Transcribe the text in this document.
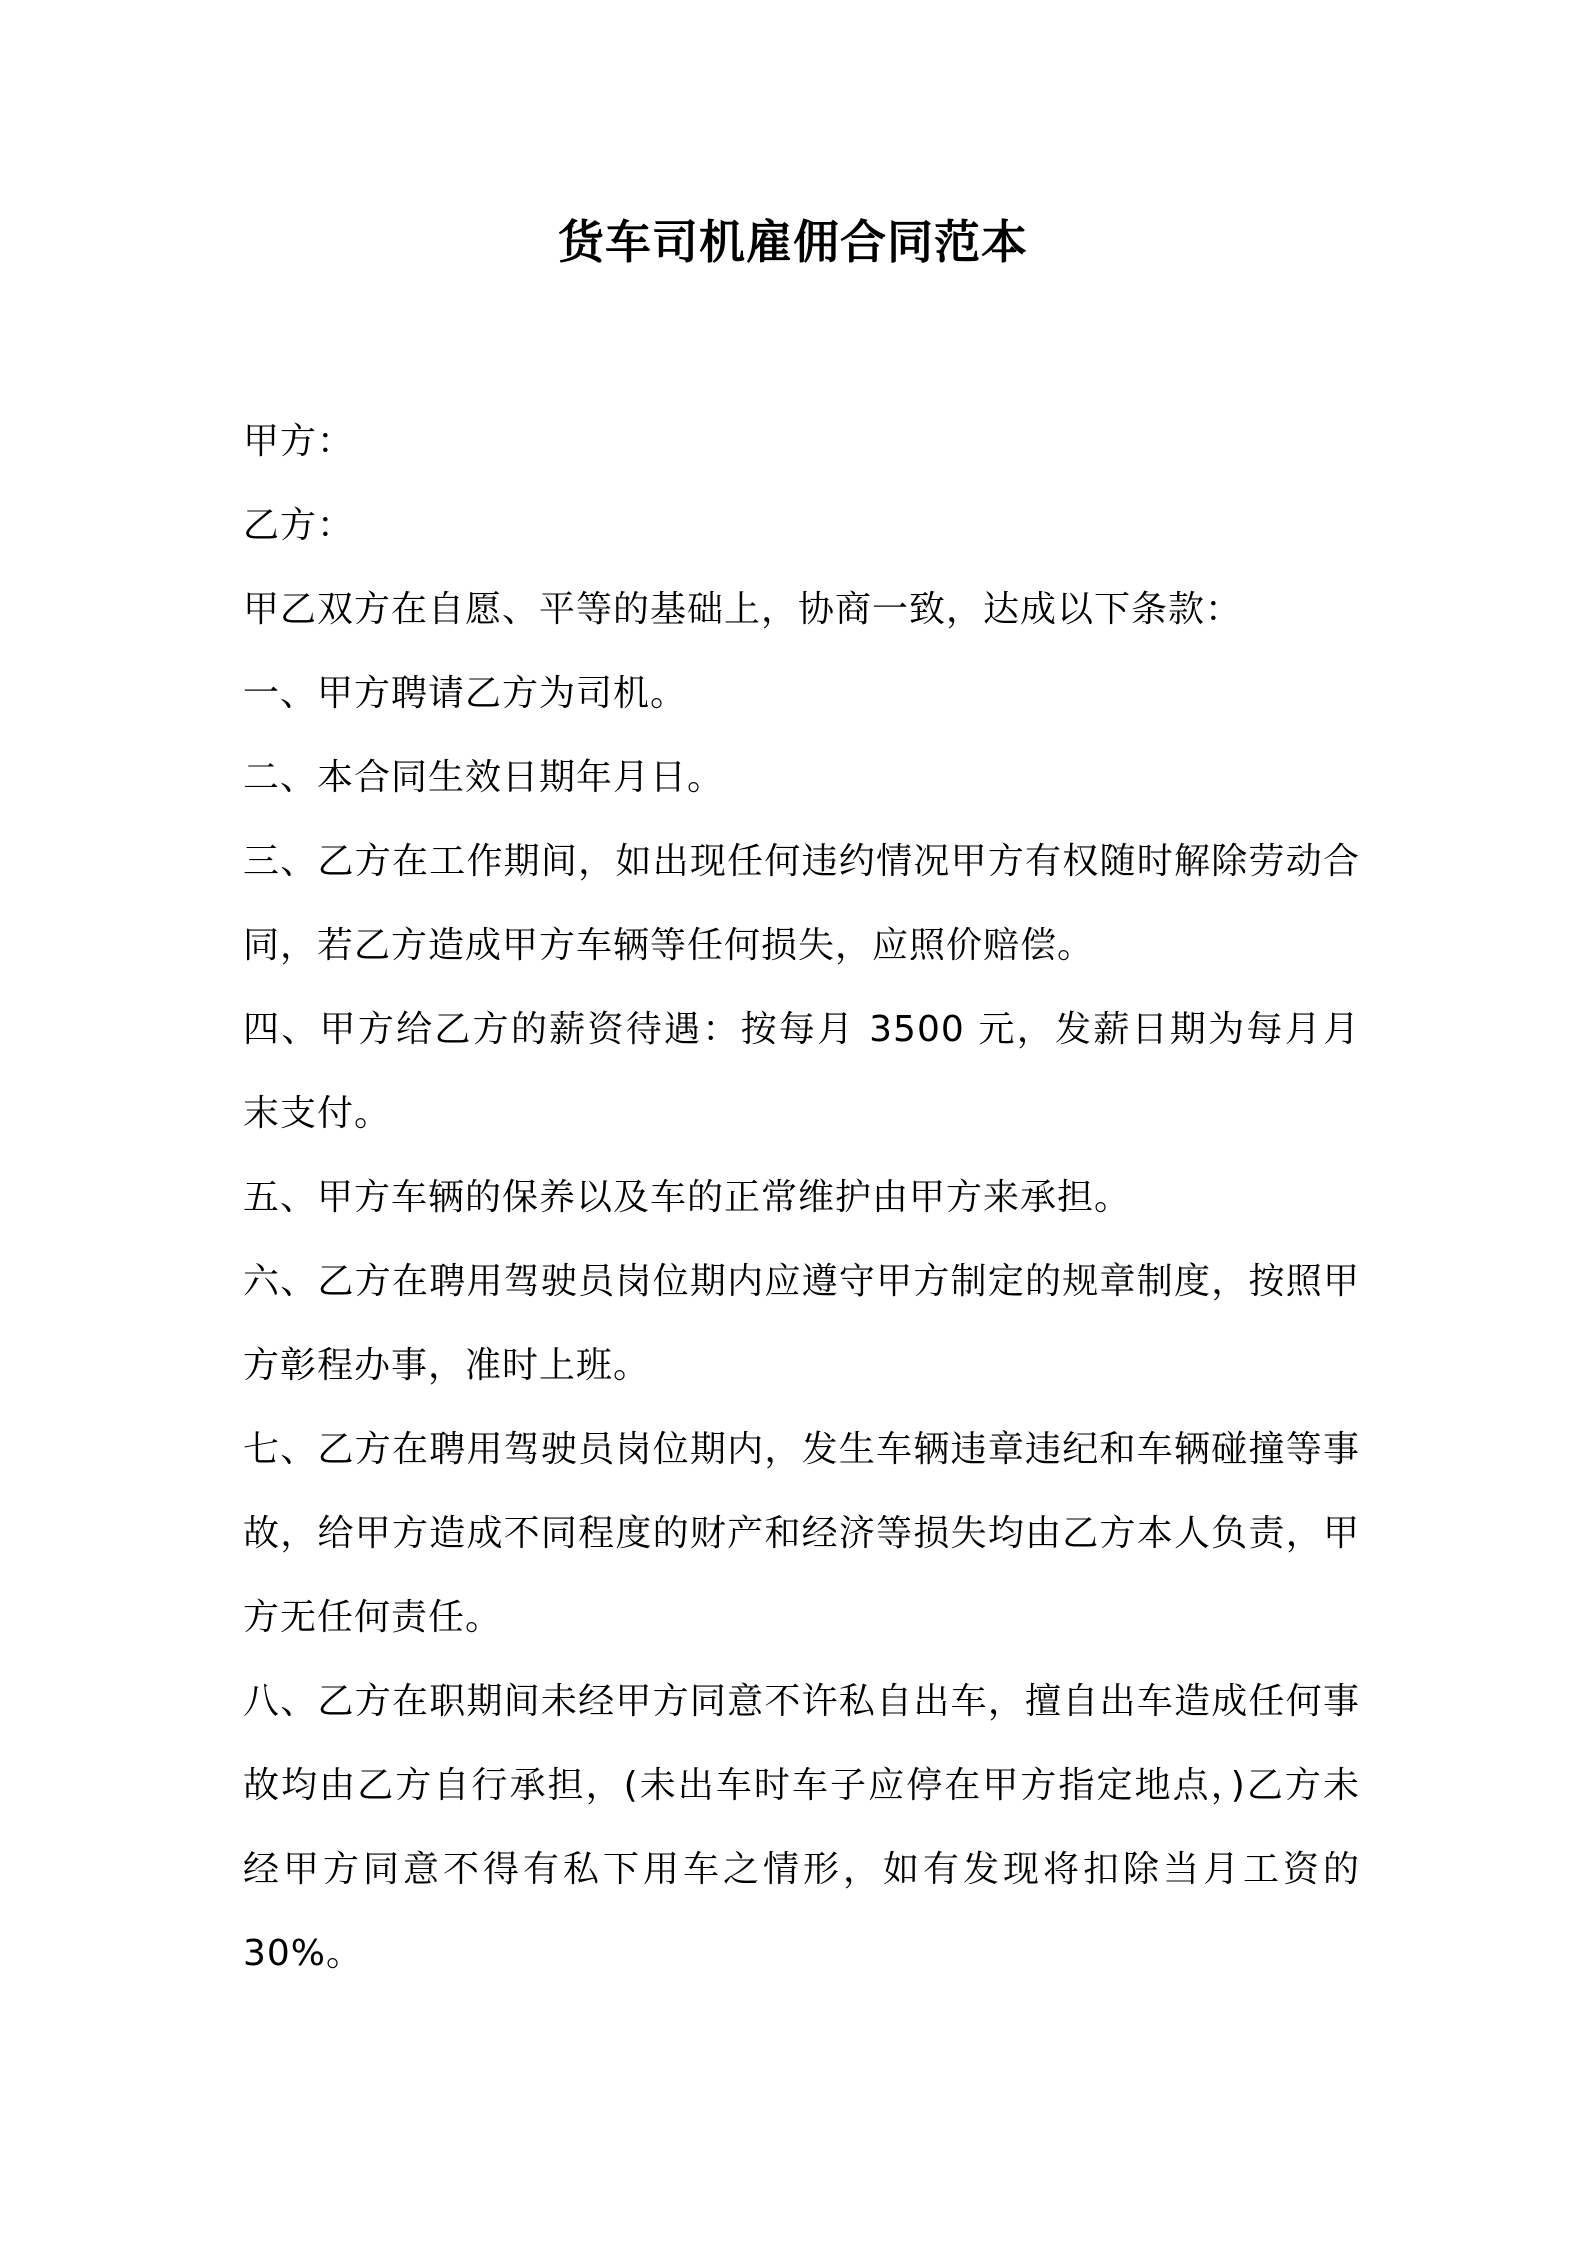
货车司机雇佣合同范本

甲方：

乙方：

甲乙双方在自愿、平等的基础上，协商一致，达成以下条款：

一、甲方聘请乙方为司机。

二、本合同生效日期年月日。

三、乙方在工作期间，如出现任何违约情况甲方有权随时解除劳动合同，若乙方造成甲方车辆等任何损失，应照价赔偿。

四、甲方给乙方的薪资待遇：按每月 3500 元，发薪日期为每月月末支付。

五、甲方车辆的保养以及车的正常维护由甲方来承担。

六、乙方在聘用驾驶员岗位期内应遵守甲方制定的规章制度，按照甲方彰程办事，准时上班。

七、乙方在聘用驾驶员岗位期内，发生车辆违章违纪和车辆碰撞等事故，给甲方造成不同程度的财产和经济等损失均由乙方本人负责，甲方无任何责任。

八、乙方在职期间未经甲方同意不许私自出车，擅自出车造成任何事故均由乙方自行承担，(未出车时车子应停在甲方指定地点，)乙方未经甲方同意不得有私下用车之情形，如有发现将扣除当月工资的30%。
